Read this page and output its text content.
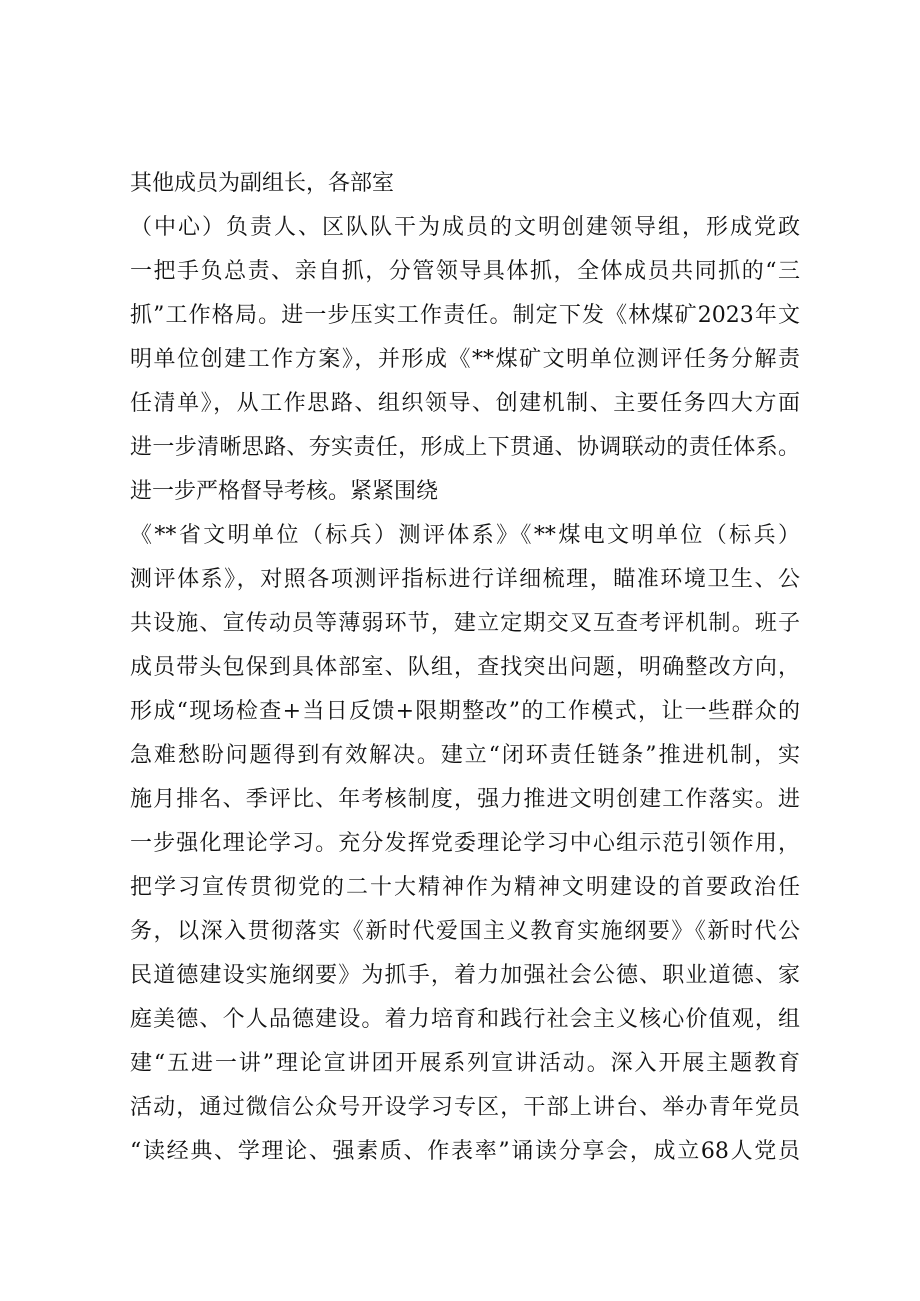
其他成员为副组长，各部室
（中心）负责人、区队队干为成员的文明创建领导组，形成党政
一把手负总责、亲自抓，分管领导具体抓，全体成员共同抓的“三
抓”工作格局。进一步压实工作责任。制定下发《林煤矿2023年文
明单位创建工作方案》，并形成《**煤矿文明单位测评任务分解责
任清单》，从工作思路、组织领导、创建机制、主要任务四大方面
进一步清晰思路、夯实责任，形成上下贯通、协调联动的责任体系。
进一步严格督导考核。紧紧围绕
《**省文明单位（标兵）测评体系》《**煤电文明单位（标兵）
测评体系》，对照各项测评指标进行详细梳理，瞄准环境卫生、公
共设施、宣传动员等薄弱环节，建立定期交叉互查考评机制。班子
成员带头包保到具体部室、队组，查找突出问题，明确整改方向，
形成“现场检查+当日反馈+限期整改”的工作模式，让一些群众的
急难愁盼问题得到有效解决。建立“闭环责任链条”推进机制，实
施月排名、季评比、年考核制度，强力推进文明创建工作落实。进
一步强化理论学习。充分发挥党委理论学习中心组示范引领作用，
把学习宣传贯彻党的二十大精神作为精神文明建设的首要政治任
务，以深入贯彻落实《新时代爱国主义教育实施纲要》《新时代公
民道德建设实施纲要》为抓手，着力加强社会公德、职业道德、家
庭美德、个人品德建设。着力培育和践行社会主义核心价值观，组
建“五进一讲”理论宣讲团开展系列宣讲活动。深入开展主题教育
活动，通过微信公众号开设学习专区，干部上讲台、举办青年党员
“读经典、学理论、强素质、作表率”诵读分享会，成立68人党员
